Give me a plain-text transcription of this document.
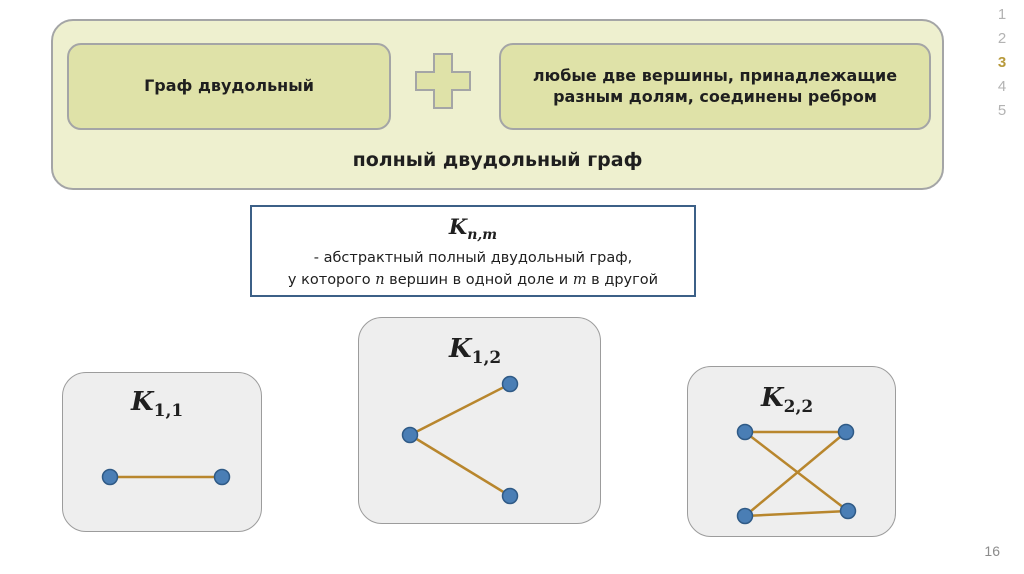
Граф двудольный
любые две вершины, принадлежащие
разным долям, соединены ребром
полный двудольный граф
1
2
3
4
5
$K_{n,m}$
- абстрактный полный двудольный граф,
у которого n вершин в одной доле и m в другой
$K_{1,1}$
$K_{1,2}$
$K_{2,2}$
16
